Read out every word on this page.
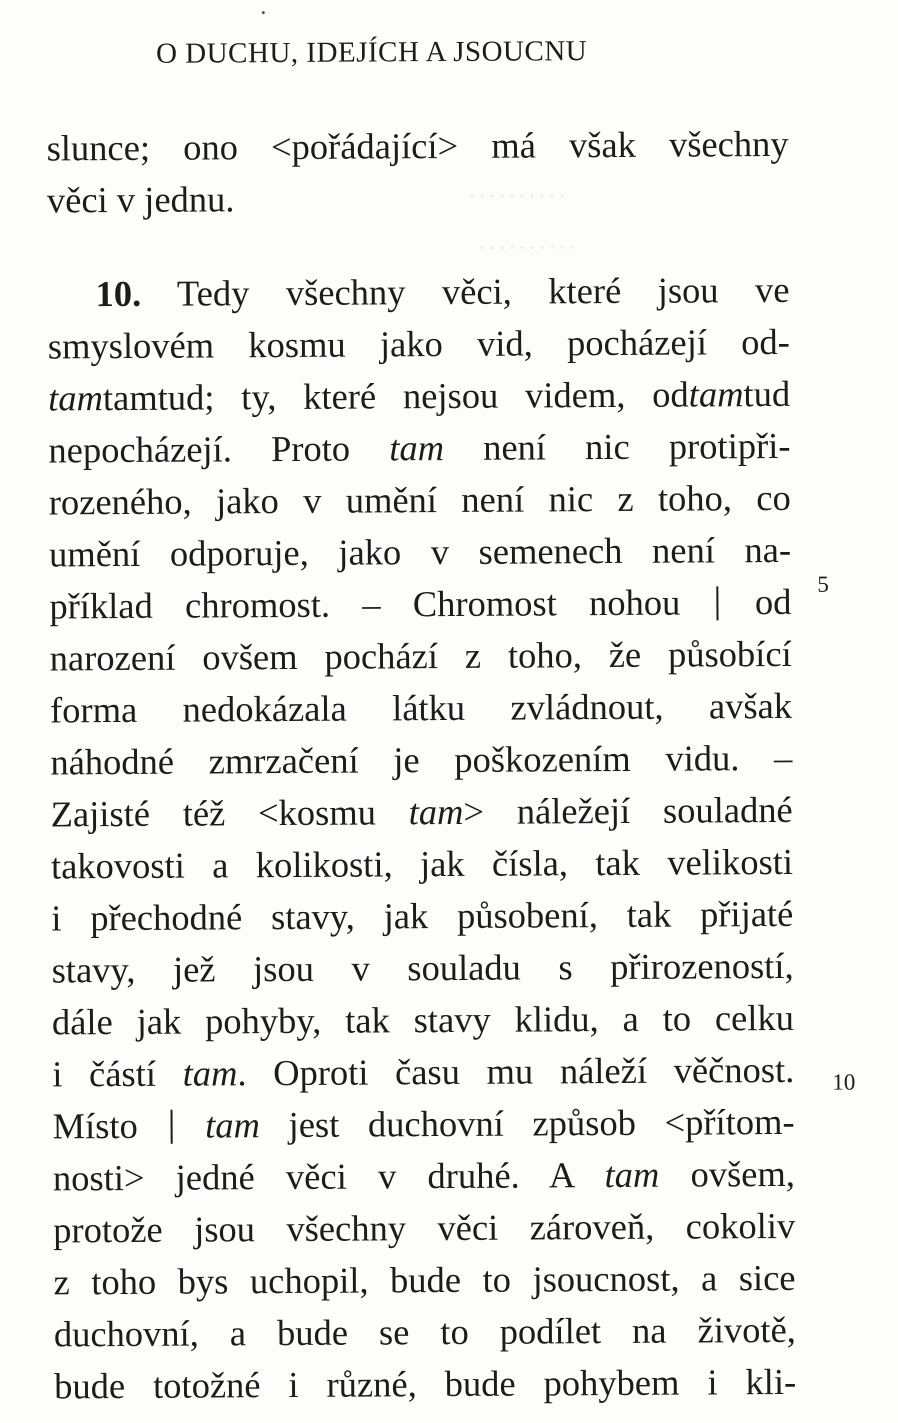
··········
··········
O DUCHU, IDEJÍCH A JSOUCNU
slunce; ono <pořádající> má však všechny
věci v jednu.
10. Tedy všechny věci, které jsou ve
smyslovém kosmu jako vid, pocházejí od-
tamtamtud; ty, které nejsou videm, odtamtud
nepocházejí. Proto tam není nic protipři-
rozeného, jako v umění není nic z toho, co
umění odporuje, jako v semenech není na-
příklad chromost. – Chromost nohou od
narození ovšem pochází z toho, že působící
forma nedokázala látku zvládnout, avšak
náhodné zmrzačení je poškozením vidu. –
Zajisté též <kosmu tam> náležejí souladné
takovosti a kolikosti, jak čísla, tak velikosti
i přechodné stavy, jak působení, tak přijaté
stavy, jež jsou v souladu s přirozeností,
dále jak pohyby, tak stavy klidu, a to celku
i částí tam. Oproti času mu náleží věčnost.
Místo tam jest duchovní způsob <přítom-
nosti> jedné věci v druhé. A tam ovšem,
protože jsou všechny věci zároveň, cokoliv
z toho bys uchopil, bude to jsoucnost, a sice
duchovní, a bude se to podílet na životě,
bude totožné i různé, bude pohybem i kli-
5
10
